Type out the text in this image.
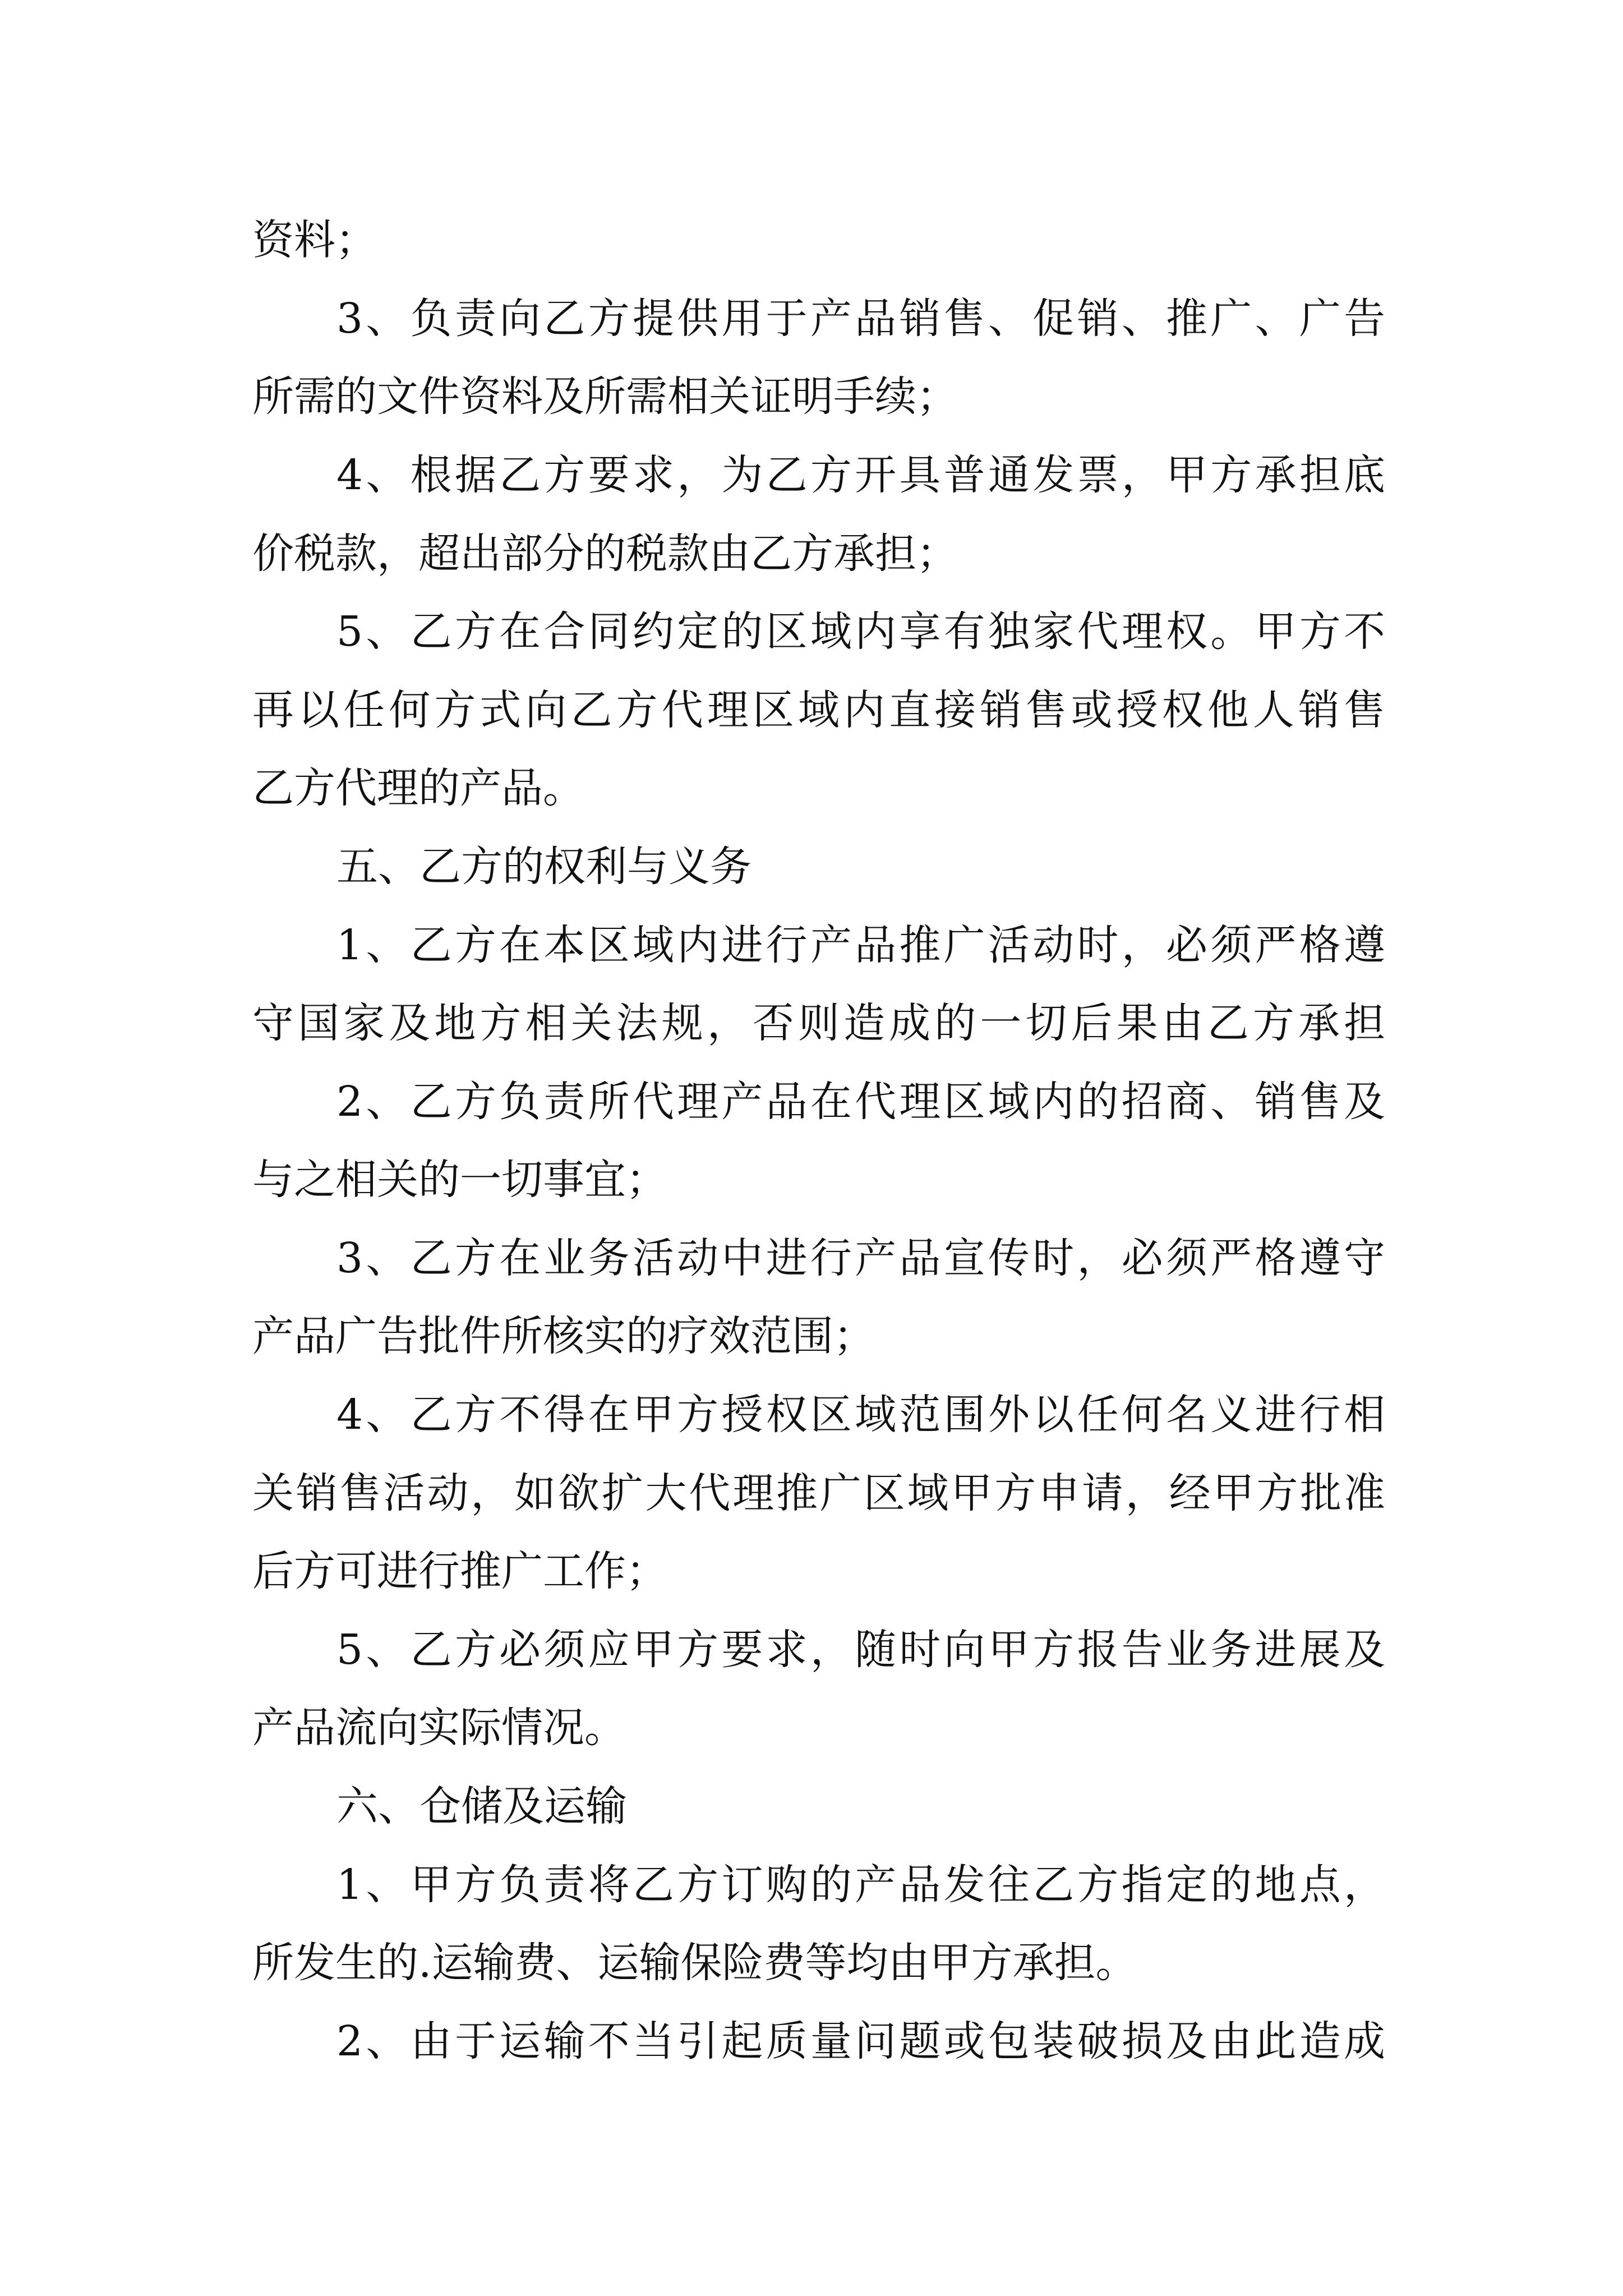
资料；
3、负责向乙方提供用于产品销售、促销、推广、广告
所需的文件资料及所需相关证明手续；
4、根据乙方要求，为乙方开具普通发票，甲方承担底
价税款，超出部分的税款由乙方承担；
5、乙方在合同约定的区域内享有独家代理权。甲方不
再以任何方式向乙方代理区域内直接销售或授权他人销售
乙方代理的产品。
五、乙方的权利与义务
1、乙方在本区域内进行产品推广活动时，必须严格遵
守国家及地方相关法规，否则造成的一切后果由乙方承担
2、乙方负责所代理产品在代理区域内的招商、销售及
与之相关的一切事宜；
3、乙方在业务活动中进行产品宣传时，必须严格遵守
产品广告批件所核实的疗效范围；
4、乙方不得在甲方授权区域范围外以任何名义进行相
关销售活动，如欲扩大代理推广区域甲方申请，经甲方批准
后方可进行推广工作；
5、乙方必须应甲方要求，随时向甲方报告业务进展及
产品流向实际情况。
六、仓储及运输
1、甲方负责将乙方订购的产品发往乙方指定的地点，
所发生的.运输费、运输保险费等均由甲方承担。
2、由于运输不当引起质量问题或包装破损及由此造成
